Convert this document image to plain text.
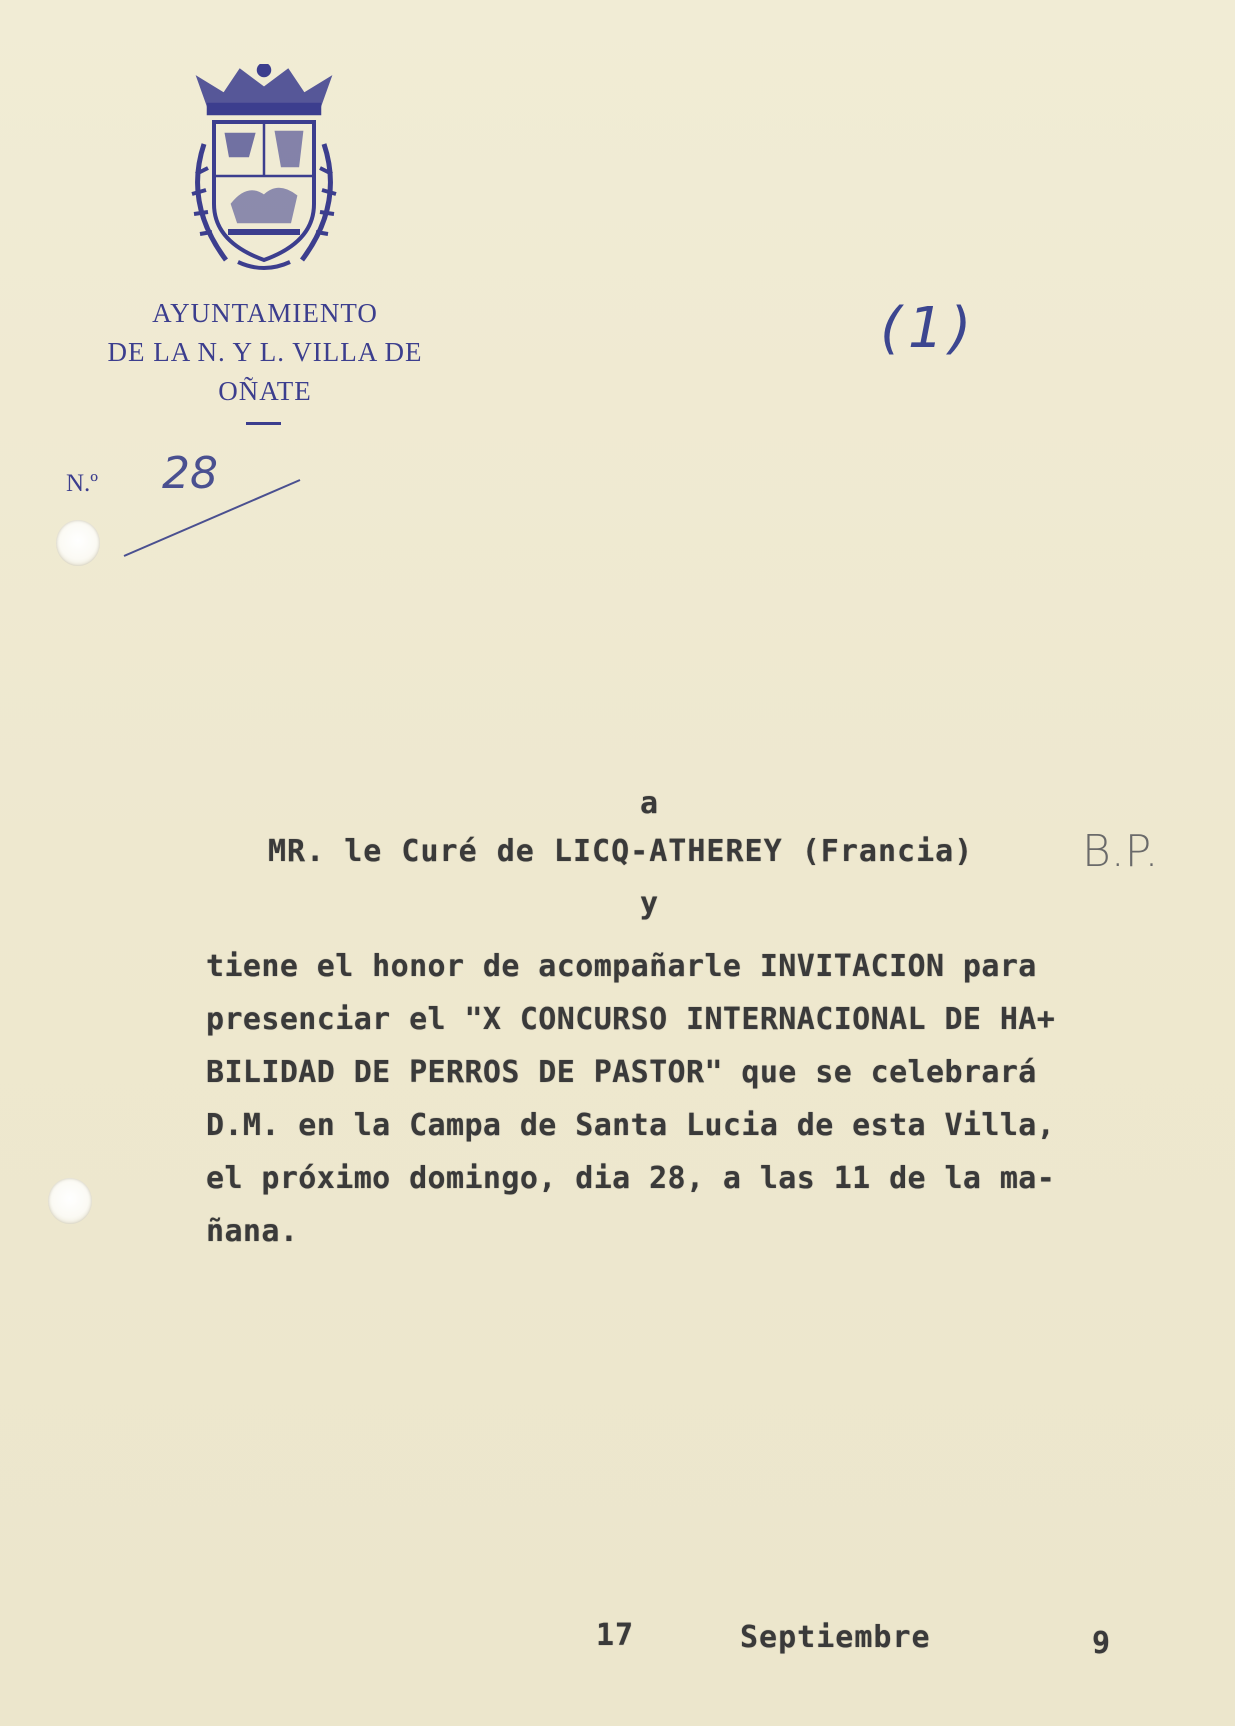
AYUNTAMIENTO
DE LA N. Y L. VILLA DE
OÑATE
N.º 28
(1)
a
MR. le Curé de LICQ-ATHEREY (Francia) B.P.
y
tiene el honor de acompañarle INVITACION para
presenciar el "X CONCURSO INTERNACIONAL DE HA+
BILIDAD DE PERROS DE PASTOR" que se celebrará
D.M. en la Campa de Santa Lucia de esta Villa,
el próximo domingo, dia 28, a las 11 de la ma-
ñana.
17	Septiembre	9
